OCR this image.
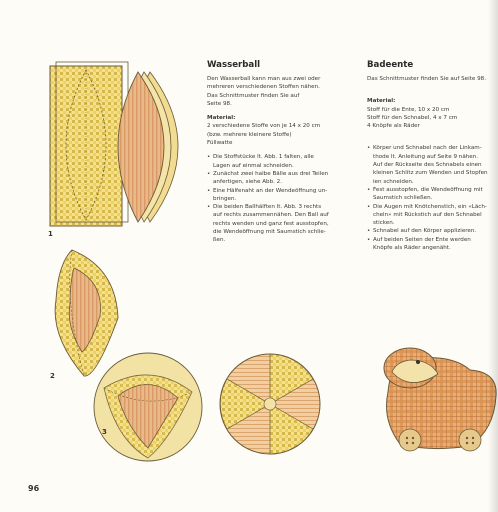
1
2
3
96
Wasserball
Den Wasserball kann man aus zwei oder
mehreren verschiedenen Stoffen nähen.
Das Schnittmuster finden Sie auf
Seite 98.
Material:
2 verschiedene Stoffe von je 14 x 20 cm
(bzw. mehrere kleinere Stoffe)
Füllwatte
• Die Stoffstücke lt. Abb. 1 falten, alle
Lagen auf einmal schneiden.
• Zunächst zwei halbe Bälle aus drei Teilen
anfertigen, siehe Abb. 2.
• Eine Hälfenaht an der Wendeöffnung un-
bringen.
• Die beiden Ballhälften lt. Abb. 3 rechts
auf rechts zusammennähen. Den Ball auf
rechts wenden und ganz fest ausstopfen,
die Wendeöffnung mit Saumstich schlie-
ßen.
Badeente
Das Schnittmuster finden Sie auf Seite 98.
Material:
Stoff für die Ente, 10 x 20 cm
Stoff für den Schnabel, 4 x 7 cm
4 Knöpfe als Räder
• Körper und Schnabel nach der Linkam-
thode lt. Anleitung auf Seite 9 nähen.
Auf der Rückseite des Schnabels einen
kleinen Schlitz zum Wenden und Stopfen
ien schneiden.
• Fest ausstopfen, die Wendeöffnung mit
Saumstich schließen.
• Die Augen mit Knötchenstich, ein «Läch-
cheln» mit Rückstich auf den Schnabel
sticken.
• Schnabel auf den Körper applizieren.
• Auf beiden Seiten der Ente werden
Knöpfe als Räder angenäht.
